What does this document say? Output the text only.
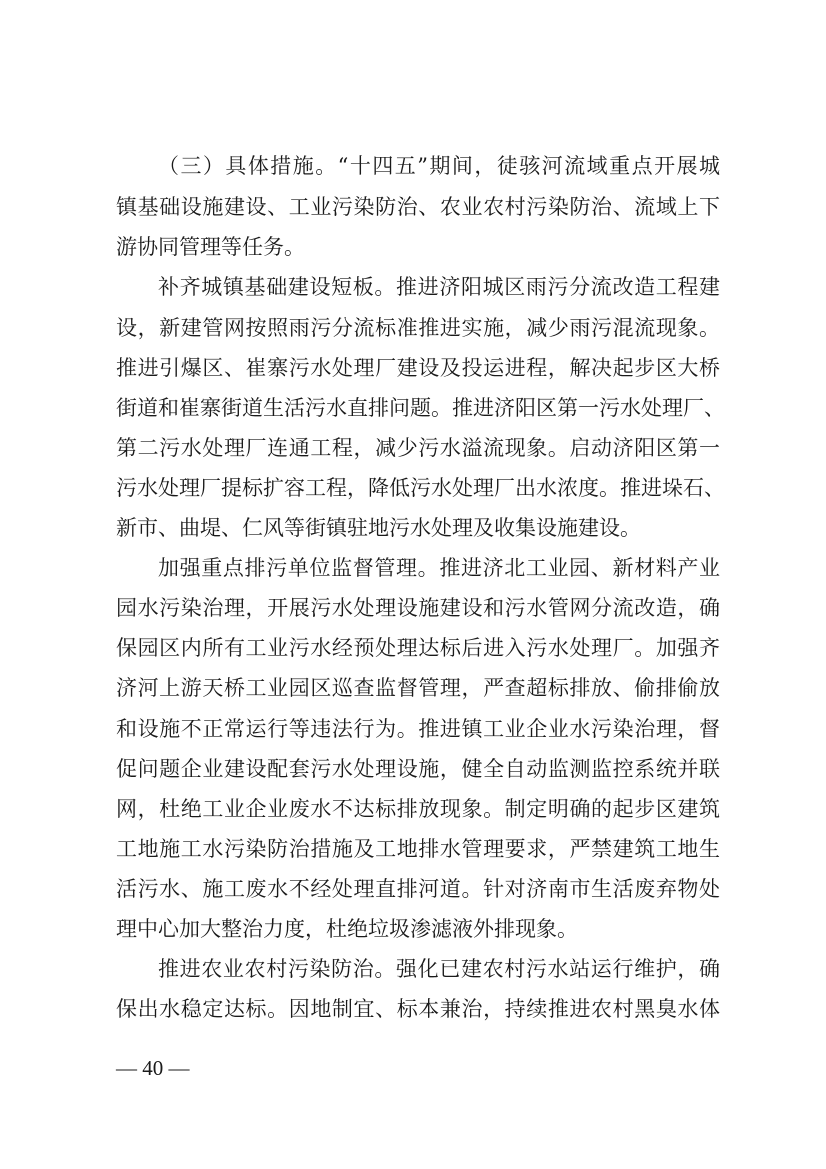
（三）具体措施。“十四五”期间，徒骇河流域重点开展城
镇基础设施建设、工业污染防治、农业农村污染防治、流域上下
游协同管理等任务。
补齐城镇基础建设短板。推进济阳城区雨污分流改造工程建
设，新建管网按照雨污分流标准推进实施，减少雨污混流现象。
推进引爆区、崔寨污水处理厂建设及投运进程，解决起步区大桥
街道和崔寨街道生活污水直排问题。推进济阳区第一污水处理厂、
第二污水处理厂连通工程，减少污水溢流现象。启动济阳区第一
污水处理厂提标扩容工程，降低污水处理厂出水浓度。推进垛石、
新市、曲堤、仁风等街镇驻地污水处理及收集设施建设。
加强重点排污单位监督管理。推进济北工业园、新材料产业
园水污染治理，开展污水处理设施建设和污水管网分流改造，确
保园区内所有工业污水经预处理达标后进入污水处理厂。加强齐
济河上游天桥工业园区巡查监督管理，严查超标排放、偷排偷放
和设施不正常运行等违法行为。推进镇工业企业水污染治理，督
促问题企业建设配套污水处理设施，健全自动监测监控系统并联
网，杜绝工业企业废水不达标排放现象。制定明确的起步区建筑
工地施工水污染防治措施及工地排水管理要求，严禁建筑工地生
活污水、施工废水不经处理直排河道。针对济南市生活废弃物处
理中心加大整治力度，杜绝垃圾渗滤液外排现象。
推进农业农村污染防治。强化已建农村污水站运行维护，确
保出水稳定达标。因地制宜、标本兼治，持续推进农村黑臭水体
— 40 —
